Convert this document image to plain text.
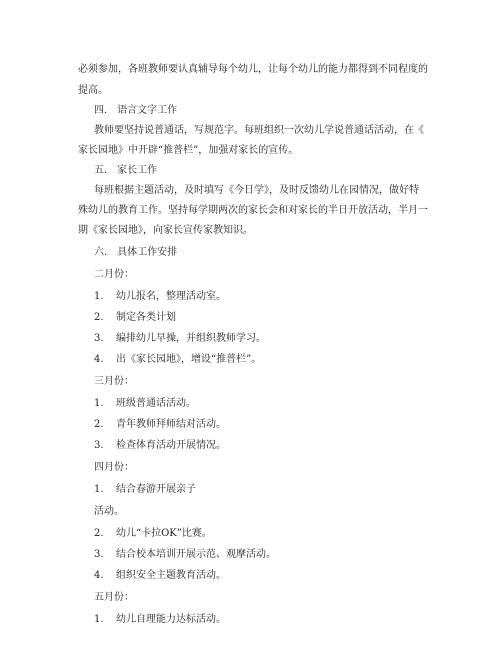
必须参加，各班教师要认真辅导每个幼儿，让每个幼儿的能力都得到不同程度的
提高。
四． 语言文字工作
教师要坚持说普通话，写规范字。每班组织一次幼儿学说普通话活动，在《
家长园地》中开辟“推普栏”，加强对家长的宣传。
五． 家长工作
每班根据主题活动，及时填写《今日学》，及时反馈幼儿在园情况，做好特
殊幼儿的教育工作。坚持每学期两次的家长会和对家长的半日开放活动，半月一
期《家长园地》，向家长宣传家教知识。
六． 具体工作安排
二月份：
1.	幼儿报名，整理活动室。
2.	制定各类计划
3.	编排幼儿早操，并组织教师学习。
4.	出《家长园地》，增设“推普栏”。
三月份：
1.	班级普通话活动。
2.	青年教师拜师结对活动。
3.	检查体育活动开展情况。
四月份：
1.	结合春游开展亲子
活动。
2.	幼儿“卡拉OK”比赛。
3.	结合校本培训开展示范、观摩活动。
4.	组织安全主题教育活动。
五月份：
1.	幼儿自理能力达标活动。
